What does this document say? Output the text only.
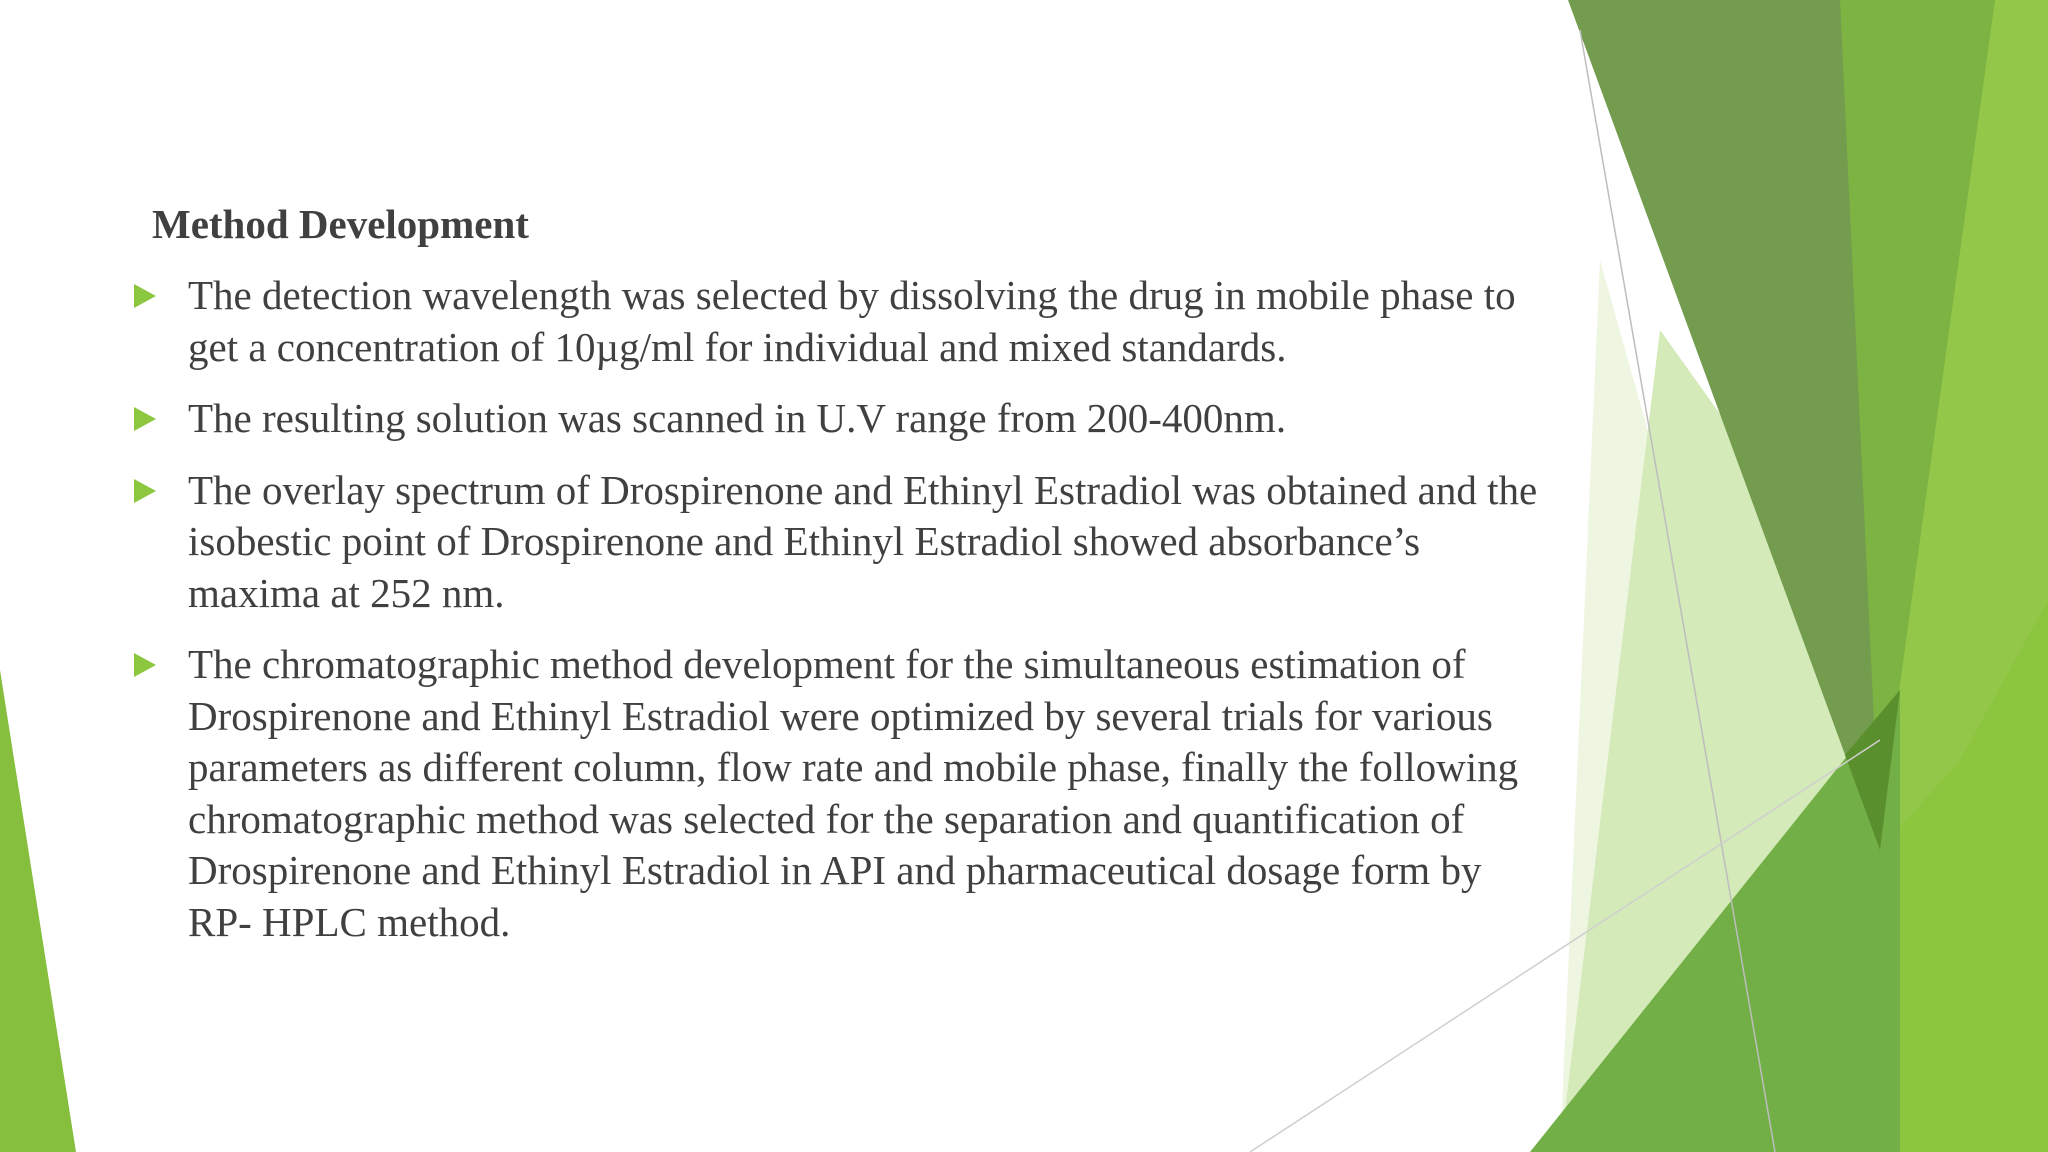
Method Development
The detection wavelength was selected by dissolving the drug in mobile phase to get a concentration of 10µg/ml for individual and mixed standards.
The resulting solution was scanned in U.V range from 200-400nm.
The overlay spectrum of Drospirenone and Ethinyl Estradiol was obtained and the isobestic point of Drospirenone and Ethinyl Estradiol showed absorbance’s maxima at 252 nm.
The chromatographic method development for the simultaneous estimation of Drospirenone and Ethinyl Estradiol were optimized by several trials for various parameters as different column, flow rate and mobile phase, finally the following chromatographic method was selected for the separation and quantification of Drospirenone and Ethinyl Estradiol in API and pharmaceutical dosage form by RP- HPLC method.
